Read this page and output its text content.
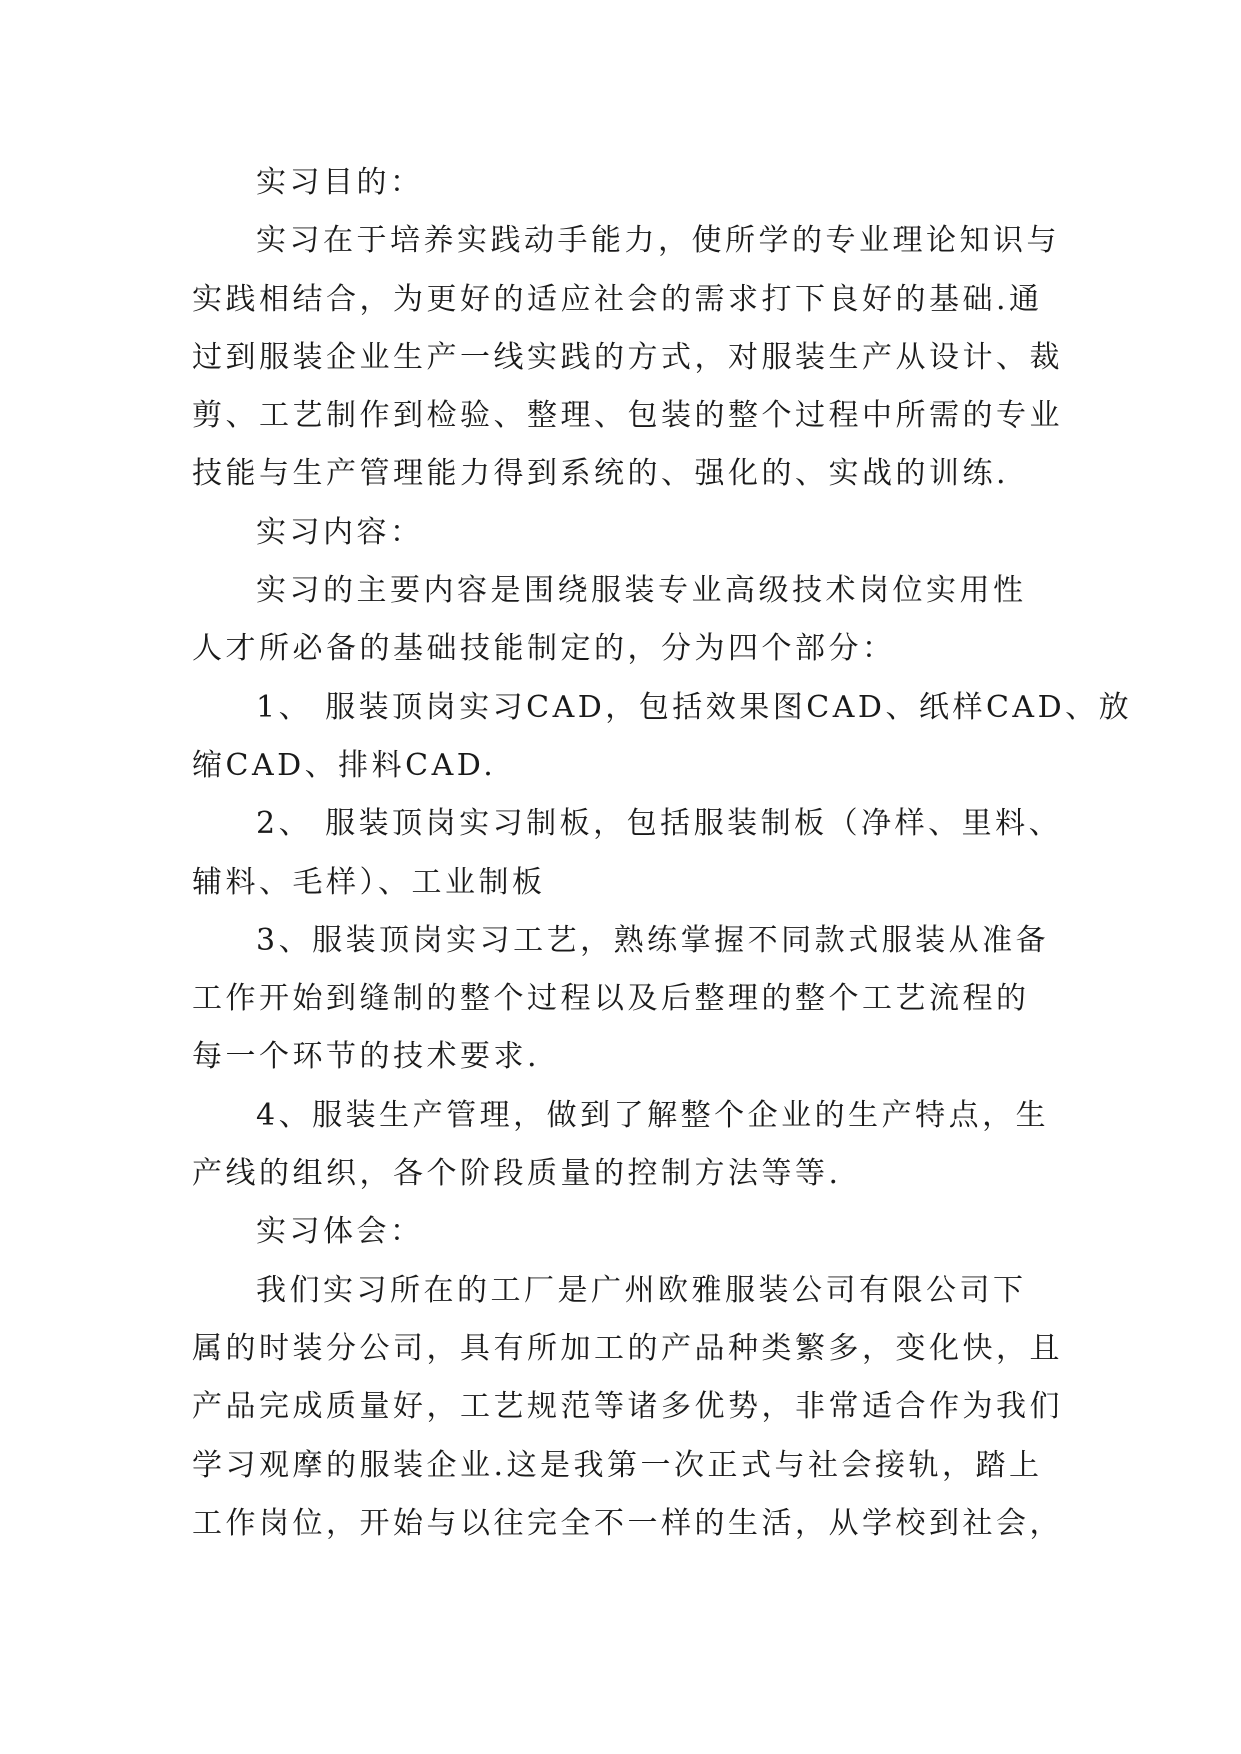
实习目的：
实习在于培养实践动手能力，使所学的专业理论知识与
实践相结合，为更好的适应社会的需求打下良好的基础.通
过到服装企业生产一线实践的方式，对服装生产从设计、裁
剪、工艺制作到检验、整理、包装的整个过程中所需的专业
技能与生产管理能力得到系统的、强化的、实战的训练.
实习内容：
实习的主要内容是围绕服装专业高级技术岗位实用性
人才所必备的基础技能制定的，分为四个部分：
1、 服装顶岗实习CAD，包括效果图CAD、纸样CAD、放
缩CAD、排料CAD.
2、 服装顶岗实习制板，包括服装制板（净样、里料、
辅料、毛样）、工业制板
3、服装顶岗实习工艺，熟练掌握不同款式服装从准备
工作开始到缝制的整个过程以及后整理的整个工艺流程的
每一个环节的技术要求.
4、服装生产管理，做到了解整个企业的生产特点，生
产线的组织，各个阶段质量的控制方法等等.
实习体会：
我们实习所在的工厂是广州欧雅服装公司有限公司下
属的时装分公司，具有所加工的产品种类繁多，变化快，且
产品完成质量好，工艺规范等诸多优势，非常适合作为我们
学习观摩的服装企业.这是我第一次正式与社会接轨，踏上
工作岗位，开始与以往完全不一样的生活，从学校到社会，
